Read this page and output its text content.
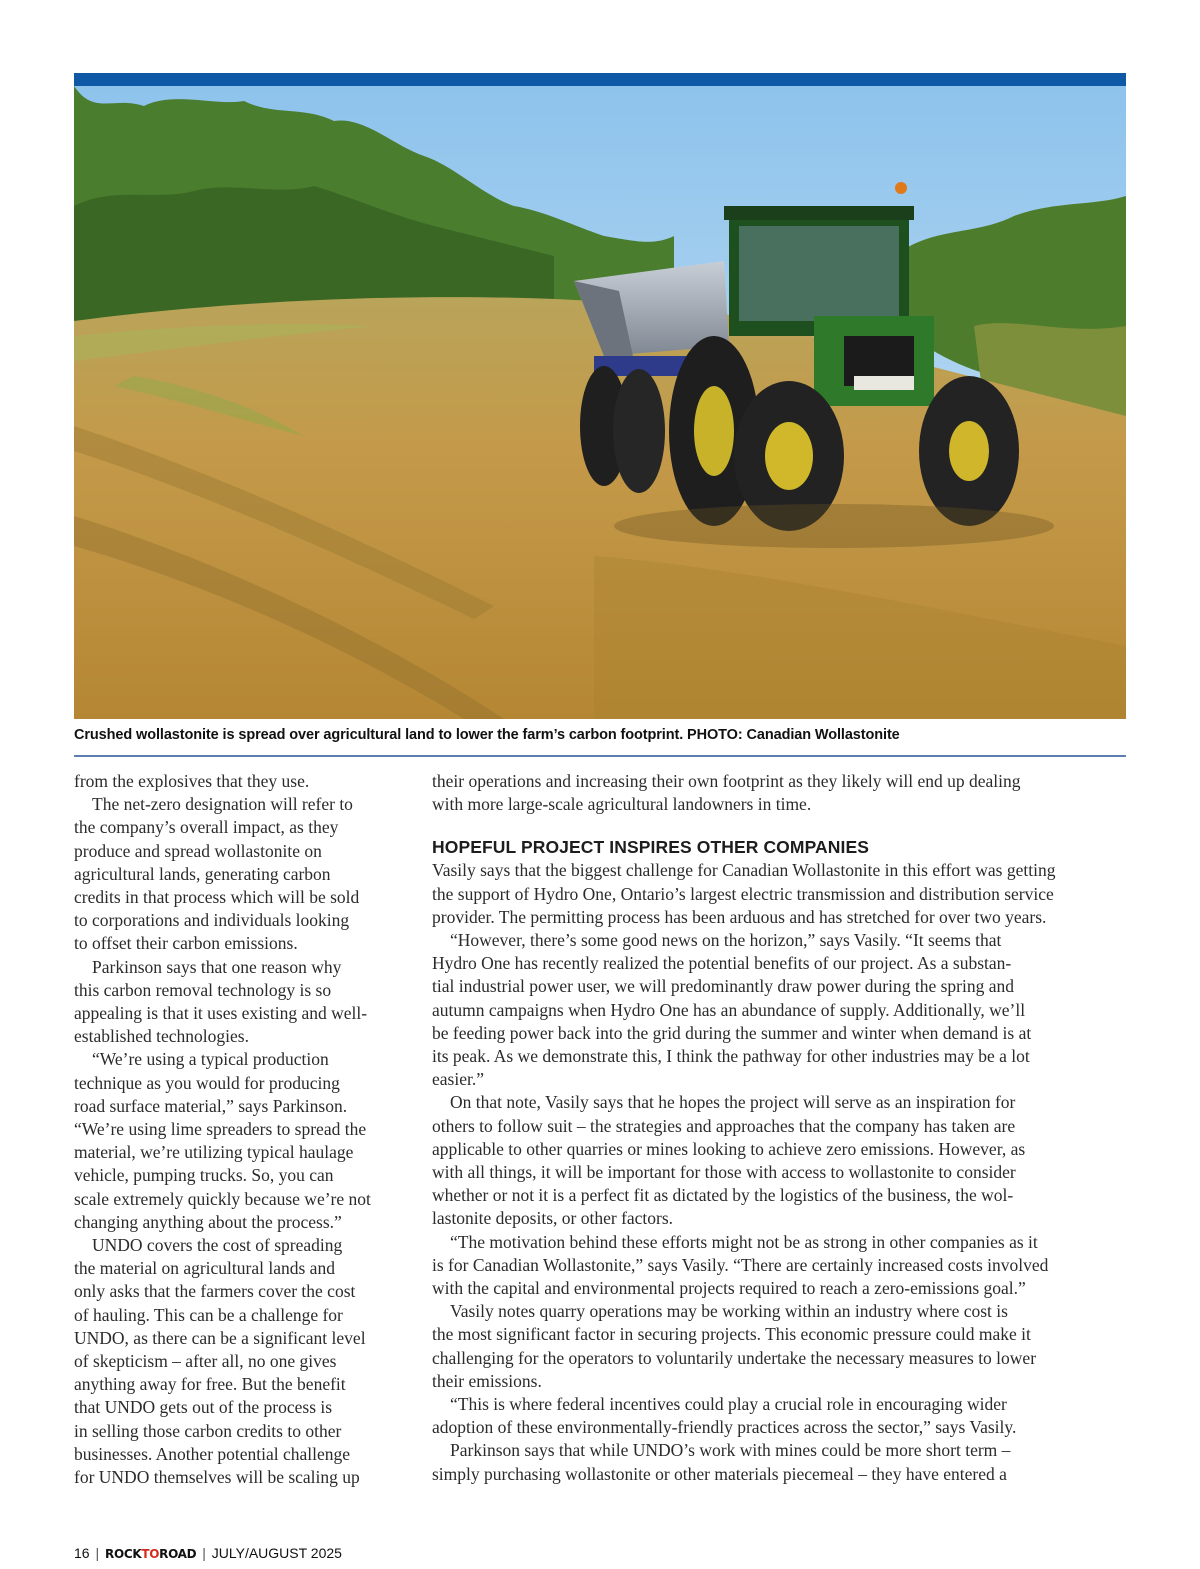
Crushed wollastonite is spread over agricultural land to lower the farm’s carbon footprint. PHOTO: Canadian Wollastonite

from the explosives that they use.

The net-zero designation will refer to
the company’s overall impact, as they
produce and spread wollastonite on
agricultural lands, generating carbon
credits in that process which will be sold
to corporations and individuals looking
to offset their carbon emissions.

Parkinson says that one reason why
this carbon removal technology is so
appealing is that it uses existing and well-
established technologies.

“We’re using a typical production
technique as you would for producing
road surface material,” says Parkinson.
“We’re using lime spreaders to spread the
material, we’re utilizing typical haulage
vehicle, pumping trucks. So, you can
scale extremely quickly because we’re not
changing anything about the process.”

UNDO covers the cost of spreading
the material on agricultural lands and
only asks that the farmers cover the cost
of hauling. This can be a challenge for
UNDO, as there can be a significant level
of skepticism – after all, no one gives
anything away for free. But the benefit
that UNDO gets out of the process is
in selling those carbon credits to other
businesses. Another potential challenge
for UNDO themselves will be scaling up

their operations and increasing their own footprint as they likely will end up dealing
with more large-scale agricultural landowners in time.

HOPEFUL PROJECT INSPIRES OTHER COMPANIES

Vasily says that the biggest challenge for Canadian Wollastonite in this effort was getting
the support of Hydro One, Ontario’s largest electric transmission and distribution service
provider. The permitting process has been arduous and has stretched for over two years.

“However, there’s some good news on the horizon,” says Vasily. “It seems that
Hydro One has recently realized the potential benefits of our project. As a substan-
tial industrial power user, we will predominantly draw power during the spring and
autumn campaigns when Hydro One has an abundance of supply. Additionally, we’ll
be feeding power back into the grid during the summer and winter when demand is at
its peak. As we demonstrate this, I think the pathway for other industries may be a lot
easier.”

On that note, Vasily says that he hopes the project will serve as an inspiration for
others to follow suit – the strategies and approaches that the company has taken are
applicable to other quarries or mines looking to achieve zero emissions. However, as
with all things, it will be important for those with access to wollastonite to consider
whether or not it is a perfect fit as dictated by the logistics of the business, the wol-
lastonite deposits, or other factors.

“The motivation behind these efforts might not be as strong in other companies as it
is for Canadian Wollastonite,” says Vasily. “There are certainly increased costs involved
with the capital and environmental projects required to reach a zero-emissions goal.”

Vasily notes quarry operations may be working within an industry where cost is
the most significant factor in securing projects. This economic pressure could make it
challenging for the operators to voluntarily undertake the necessary measures to lower
their emissions.

“This is where federal incentives could play a crucial role in encouraging wider
adoption of these environmentally-friendly practices across the sector,” says Vasily.

Parkinson says that while UNDO’s work with mines could be more short term –
simply purchasing wollastonite or other materials piecemeal – they have entered a

16 | ROCKTOROAD | JULY/AUGUST 2025
